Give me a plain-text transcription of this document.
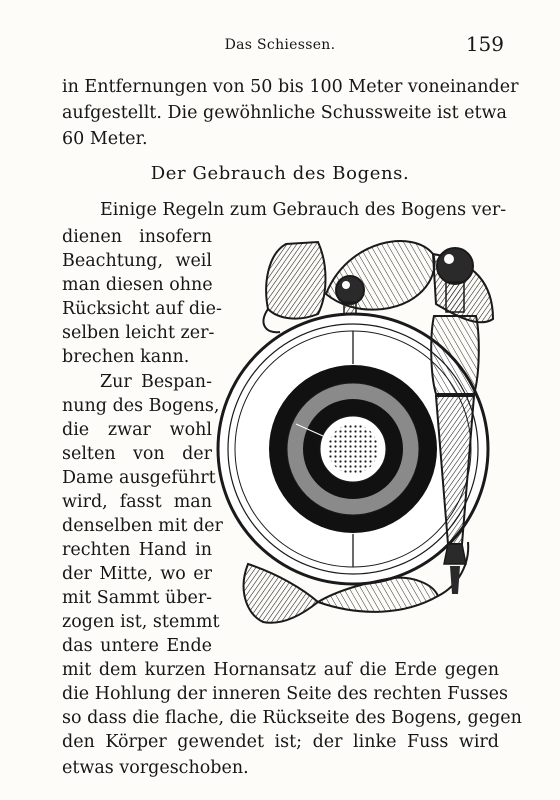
Das Schiessen.	159
in Entfernungen von 50 bis 100 Meter voneinander
aufgestellt. Die gewöhnliche Schussweite ist etwa
60 Meter.
Der Gebrauch des Bogens.
Einige Regeln zum Gebrauch des Bogens ver-
dienen insofern
Beachtung, weil
man diesen ohne
Rücksicht auf die-
selben leicht zer-
brechen kann.
Zur Bespan-
nung des Bogens,
die zwar wohl
selten von der
Dame ausgeführt
wird, fasst man
denselben mit der
rechten Hand in
der Mitte, wo er
mit Sammt über-
zogen ist, stemmt
das untere Ende
mit dem kurzen Hornansatz auf die Erde gegen
die Hohlung der inneren Seite des rechten Fusses
so dass die flache, die Rückseite des Bogens, gegen
den Körper gewendet ist; der linke Fuss wird
etwas vorgeschoben.
